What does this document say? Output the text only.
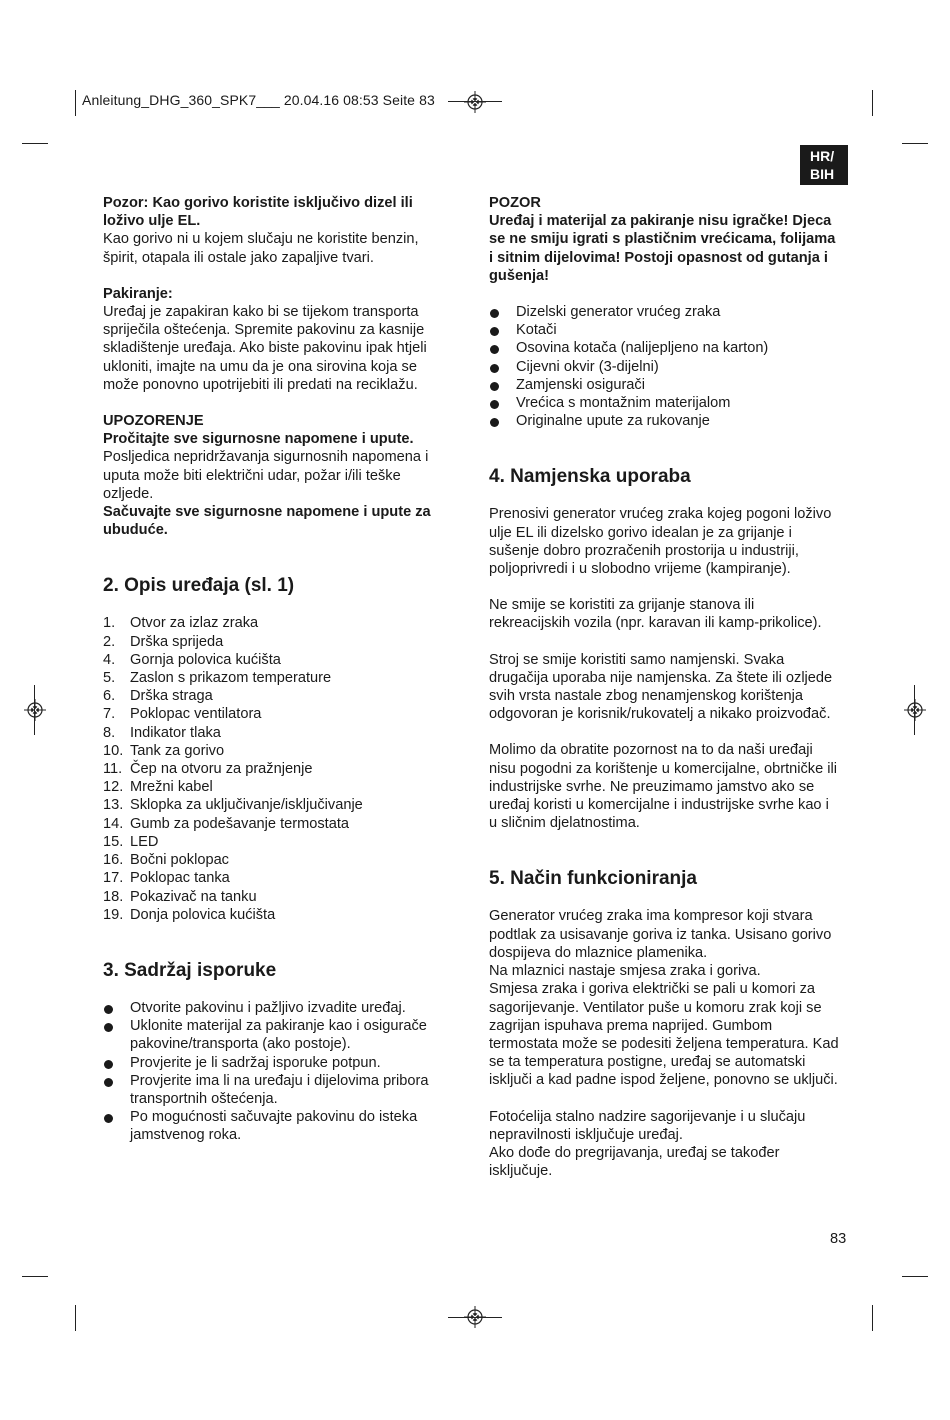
Anleitung_DHG_360_SPK7___ 20.04.16 08:53 Seite 83
HR/
BIH

Pozor: Kao gorivo koristite isključivo dizel ili loživo ulje EL.

Kao gorivo ni u kojem slučaju ne koristite benzin, špirit, otapala ili ostale jako zapaljive tvari.

Pakiranje:

Uređaj je zapakiran kako bi se tijekom transporta spriječila oštećenja. Spremite pakovinu za kasnije skladištenje uređaja. Ako biste pakovinu ipak htjeli ukloniti, imajte na umu da je ona sirovina koja se može ponovno upotrijebiti ili predati na reciklažu.

UPOZORENJE

Pročitajte sve sigurnosne napomene i upute.

Posljedica nepridržavanja sigurnosnih napomena i uputa može biti električni udar, požar i/ili teške ozljede.

Sačuvajte sve sigurnosne napomene i upute za ubuduće.

2. Opis uređaja (sl. 1)
1.	Otvor za izlaz zraka
2.	Drška sprijeda
4.	Gornja polovica kućišta
5.	Zaslon s prikazom temperature
6.	Drška straga
7.	Poklopac ventilatora
8.	Indikator tlaka
10. Tank za gorivo
11. Čep na otvoru za pražnjenje
12. Mrežni kabel
13. Sklopka za uključivanje/isključivanje
14. Gumb za podešavanje termostata
15. LED
16. Bočni poklopac
17. Poklopac tanka
18. Pokazivač na tanku
19. Donja polovica kućišta
3. Sadržaj isporuke
Otvorite pakovinu i pažljivo izvadite uređaj.
Uklonite materijal za pakiranje kao i osigurače pakovine/transporta (ako postoje).
Provjerite je li sadržaj isporuke potpun.
Provjerite ima li na uređaju i dijelovima pribora transportnih oštećenja.
Po mogućnosti sačuvajte pakovinu do isteka jamstvenog roka.

POZOR

Uređaj i materijal za pakiranje nisu igračke! Djeca se ne smiju igrati s plastičnim vrećicama, folijama i sitnim dijelovima! Postoji opasnost od gutanja i gušenja!

Dizelski generator vrućeg zraka
Kotači
Osovina kotača (nalijepljeno na karton)
Cijevni okvir (3-dijelni)
Zamjenski osigurači
Vrećica s montažnim materijalom
Originalne upute za rukovanje
4. Namjenska uporaba

Prenosivi generator vrućeg zraka kojeg pogoni loživo ulje EL ili dizelsko gorivo idealan je za grijanje i sušenje dobro prozračenih prostorija u industriji, poljoprivredi i u slobodno vrijeme (kampiranje).

Ne smije se koristiti za grijanje stanova ili rekreacijskih vozila (npr. karavan ili kamp-prikolice).

Stroj se smije koristiti samo namjenski. Svaka drugačija uporaba nije namjenska. Za štete ili ozljede svih vrsta nastale zbog nenamjenskog korištenja odgovoran je korisnik/rukovatelj a nikako proizvođač.

Molimo da obratite pozornost na to da naši uređaji nisu pogodni za korištenje u komercijalne, obrtničke ili industrijske svrhe. Ne preuzimamo jamstvo ako se uređaj koristi u komercijalne i industrijske svrhe kao i u sličnim djelatnostima.

5. Način funkcioniranja

Generator vrućeg zraka ima kompresor koji stvara podtlak za usisavanje goriva iz tanka. Usisano gorivo dospijeva do mlaznice plamenika.

Na mlaznici nastaje smjesa zraka i goriva.

Smjesa zraka i goriva električki se pali u komori za sagorijevanje. Ventilator puše u komoru zrak koji se zagrijan ispuhava prema naprijed. Gumbom termostata može se podesiti željena temperatura. Kad se ta temperatura postigne, uređaj se automatski isključi a kad padne ispod željene, ponovno se uključi.

Fotoćelija stalno nadzire sagorijevanje i u slučaju nepravilnosti isključuje uređaj.

Ako dođe do pregrijavanja, uređaj se također isključuje.

83
